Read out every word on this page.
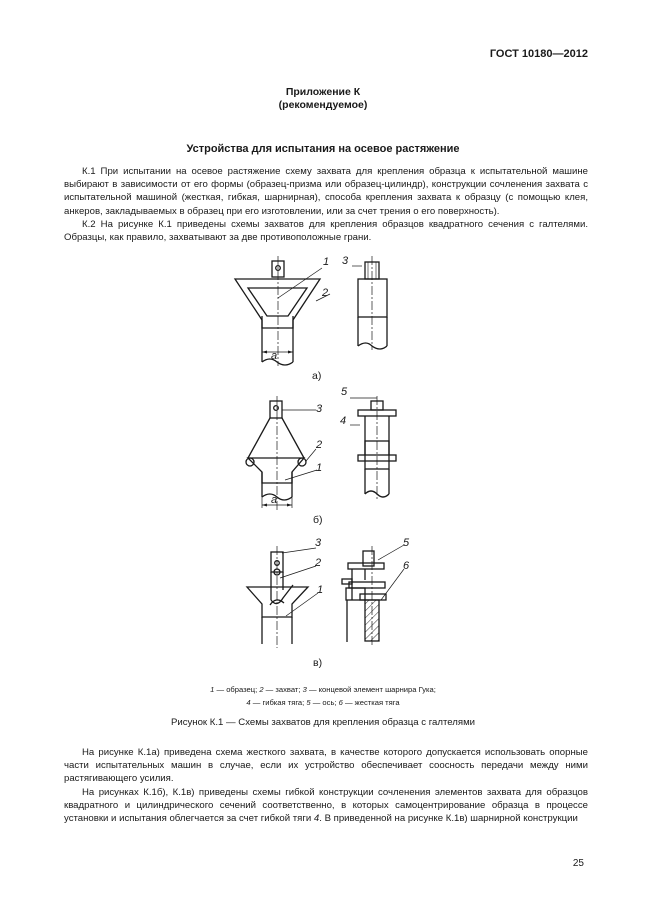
ГОСТ 10180—2012
Приложение К
(рекомендуемое)
Устройства для испытания на осевое растяжение

К.1 При испытании на осевое растяжение схему захвата для крепления образца к испытательной машине выбирают в зависимости от его формы (образец-призма или образец-цилиндр), конструкции сочленения захвата с испытательной машиной (жесткая, гибкая, шарнирная), способа крепления захвата к образцу (с помощью клея, анкеров, закладываемых в образец при его изготовлении, или за счет трения о его поверхность).

К.2 На рисунке К.1 приведены схемы захватов для крепления образцов квадратного сечения с галтелями. Образцы, как правило, захватывают за две противоположные грани.

1
2
3
5
4
3
2
1
3
2
1
5
6
a
a
а)
б)
в)
1 — образец; 2 — захват; 3 — концевой элемент шарнира Гука;
4 — гибкая тяга; 5 — ось; 6 — жесткая тяга
Рисунок К.1 — Схемы захватов для крепления образца с галтелями

На рисунке К.1а) приведена схема жесткого захвата, в качестве которого допускается использовать опорные части испытательных машин в случае, если их устройство обеспечивает соосность передачи между ними растягивающего усилия.

На рисунках К.1б), К.1в) приведены схемы гибкой конструкции сочленения элементов захвата для образцов квадратного и цилиндрического сечений соответственно, в которых самоцентрирование образца в процессе установки и испытания облегчается за счет гибкой тяги 4. В приведенной на рисунке К.1в) шарнирной конструкции

25
